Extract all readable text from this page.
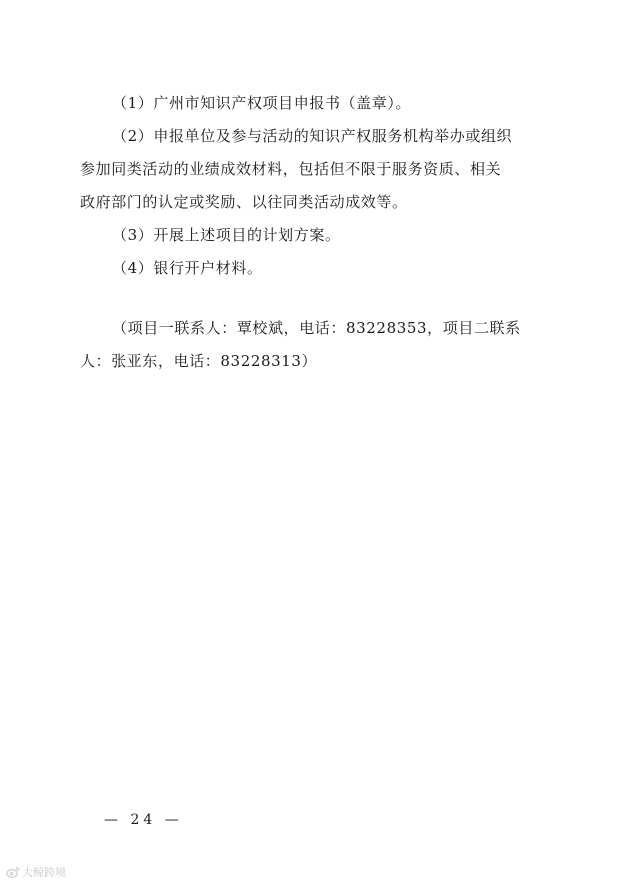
（1）广州市知识产权项目申报书（盖章）。

（2）申报单位及参与活动的知识产权服务机构举办或组织

参加同类活动的业绩成效材料，包括但不限于服务资质、相关

政府部门的认定或奖励、以往同类活动成效等。

（3）开展上述项目的计划方案。

（4）银行开户材料。

（项目一联系人：覃校斌，电话：83228353，项目二联系

人：张亚东，电话：83228313）

— 24 —
大鲸跨境
